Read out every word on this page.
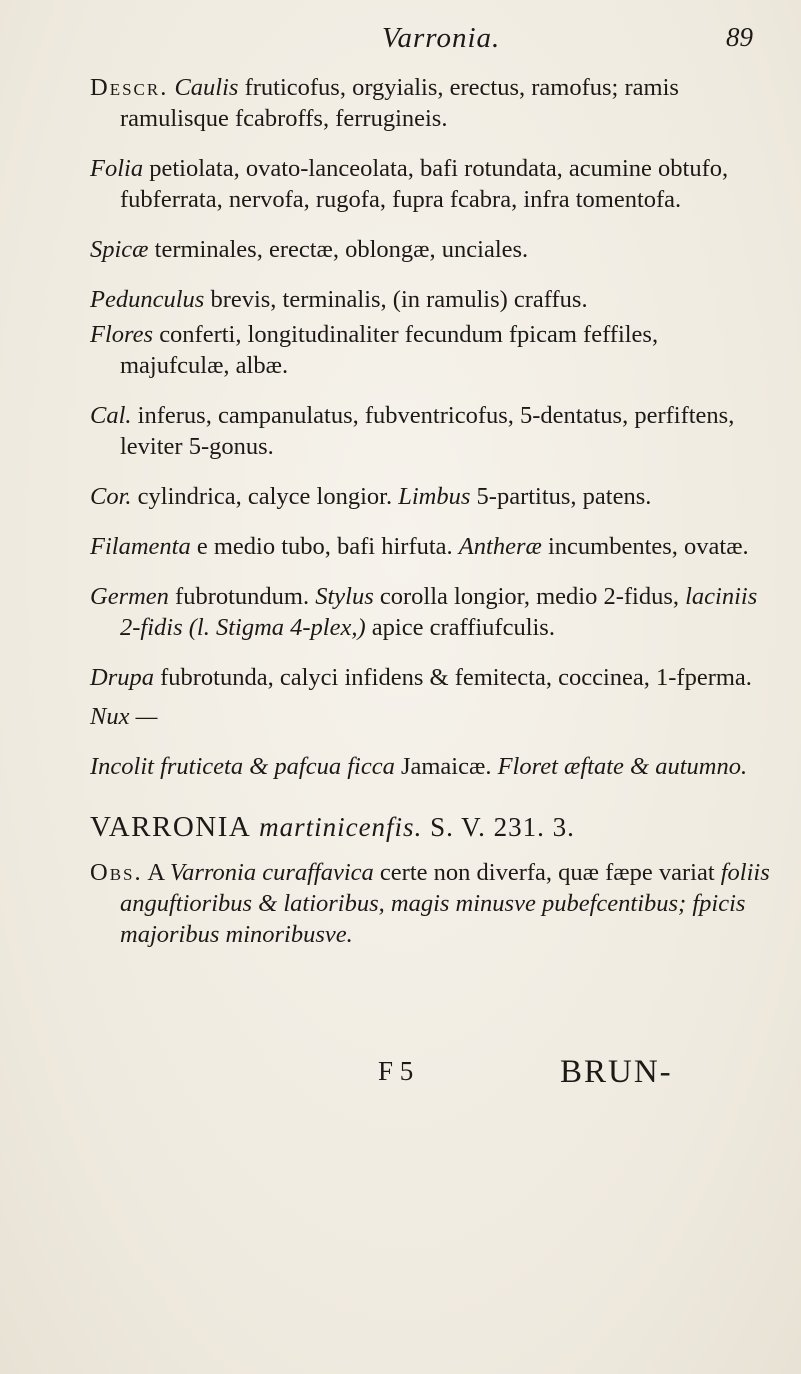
Varronia.	89

Descr. Caulis fruticofus, orgyialis, erectus, ramofus; ramis ramulisque fcabroffs, ferrugineis.

Folia petiolata, ovato-lanceolata, bafi rotundata, acumine obtufo, fubferrata, nervofa, rugofa, fupra fcabra, infra tomentofa.

Spicæ terminales, erectæ, oblongæ, unciales.

Pedunculus brevis, terminalis, (in ramulis) craffus.

Flores conferti, longitudinaliter fecundum fpicam feffiles, majufculæ, albæ.

Cal. inferus, campanulatus, fubventricofus, 5-dentatus, perfiftens, leviter 5-gonus.

Cor. cylindrica, calyce longior. Limbus 5-partitus, patens.

Filamenta e medio tubo, bafi hirfuta. Antheræ incumbentes, ovatæ.

Germen fubrotundum. Stylus corolla longior, medio 2-fidus, laciniis 2-fidis (l. Stigma 4-plex,) apice craffiufculis.

Drupa fubrotunda, calyci infidens & femitecta, coccinea, 1-fperma.

Nux —

Incolit fruticeta & pafcua ficca Jamaicæ. Floret æftate & autumno.

VARRONIA martinicenfis. S. V. 231. 3.

Obs. A Varronia curaffavica certe non diverfa, quæ fæpe variat foliis anguftioribus & latioribus, magis minusve pubefcentibus; fpicis majoribus minoribusve.

F 5	BRUN-
